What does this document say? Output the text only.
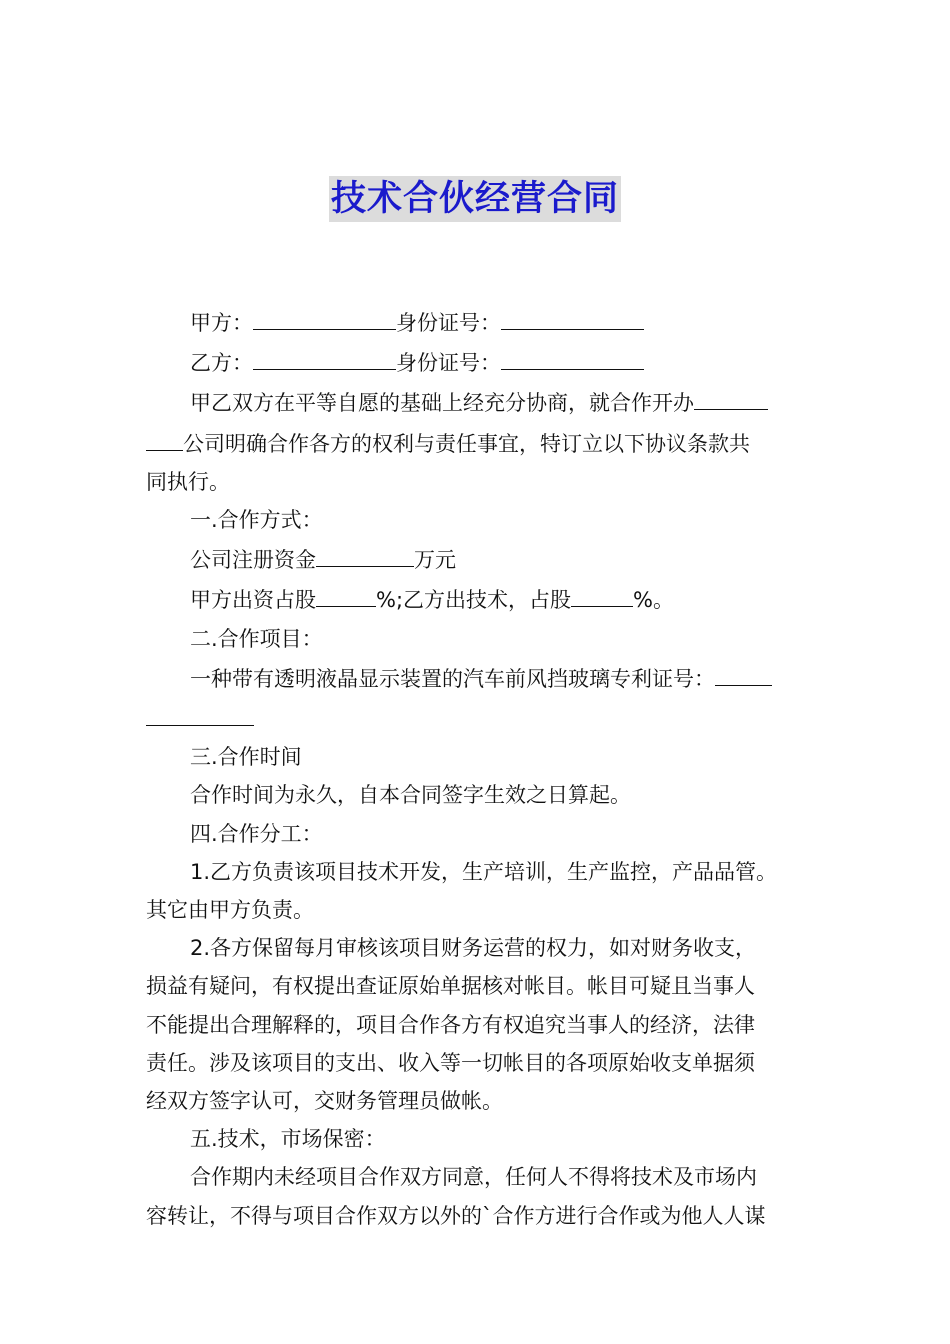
技术合伙经营合同

甲方：	身份证号：

乙方：	身份证号：

甲乙双方在平等自愿的基础上经充分协商，就合作开办
公司明确合作各方的权利与责任事宜，特订立以下协议条款共
同执行。

一.合作方式：

公司注册资金	万元

甲方出资占股	%;乙方出技术，占股	%。

二.合作项目：

一种带有透明液晶显示装置的汽车前风挡玻璃专利证号：

三.合作时间

合作时间为永久，自本合同签字生效之日算起。

四.合作分工：

1.乙方负责该项目技术开发，生产培训，生产监控，产品品管。
其它由甲方负责。

2.各方保留每月审核该项目财务运营的权力，如对财务收支，
损益有疑问，有权提出查证原始单据核对帐目。帐目可疑且当事人
不能提出合理解释的，项目合作各方有权追究当事人的经济，法律
责任。涉及该项目的支出、收入等一切帐目的各项原始收支单据须
经双方签字认可，交财务管理员做帐。

五.技术，市场保密：

合作期内未经项目合作双方同意，任何人不得将技术及市场内
容转让，不得与项目合作双方以外的`合作方进行合作或为他人人谋
